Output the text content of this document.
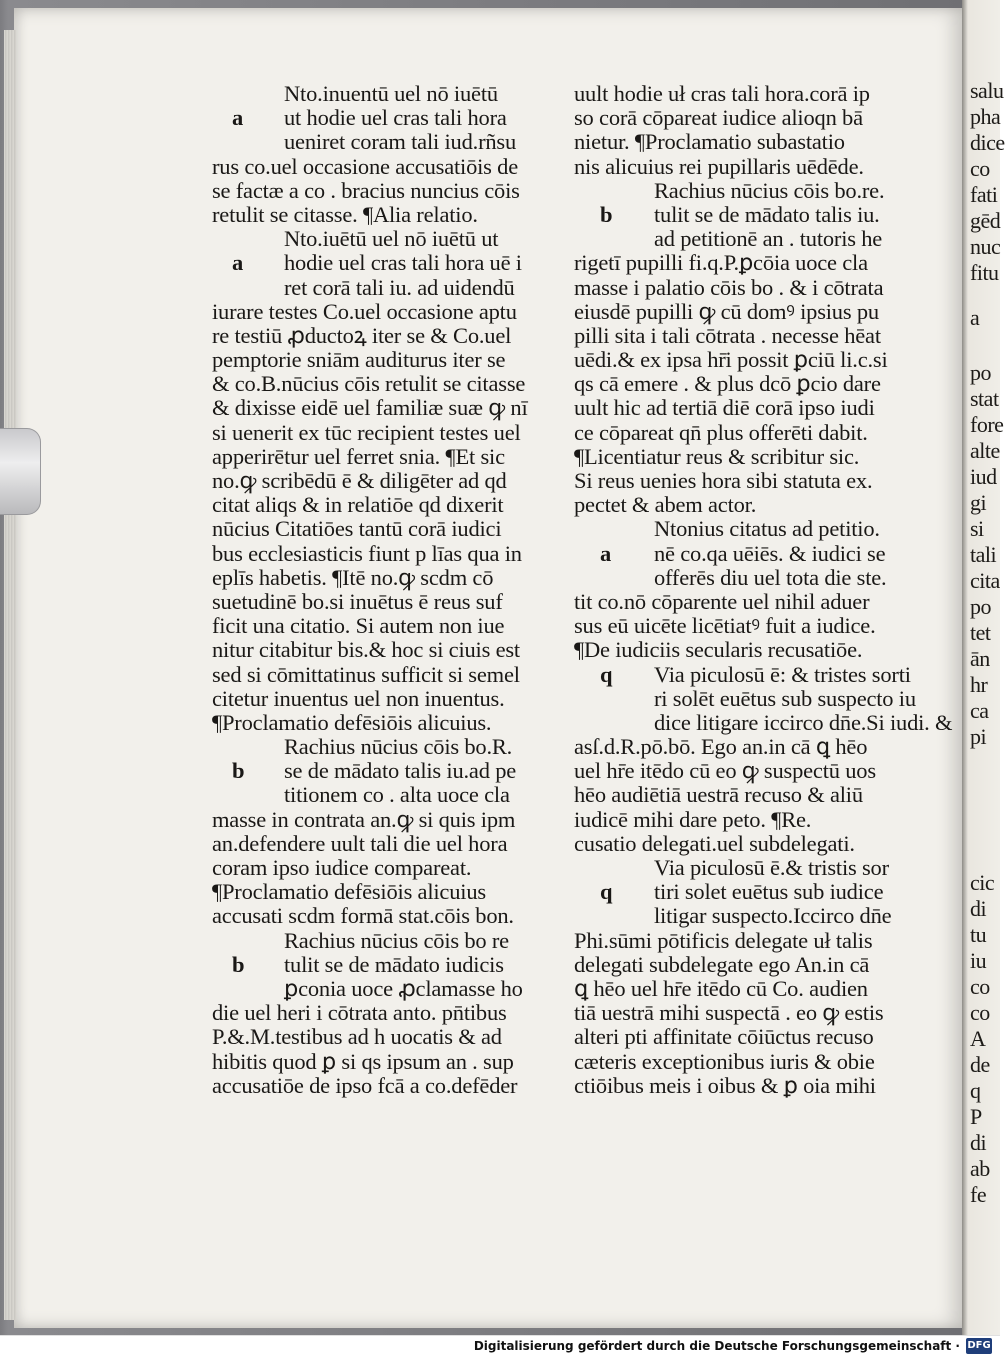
salu
pha
dice
co
fati
gēd
nuc
fitu
a
po
stat
fore
alte
iud
gi
si
tali
cita
po
tet
ān
hr
ca
pi
cic
di
tu
iu
co
co
A
de
q
P
di
ab
fe
Nto.inuentū uel nō iuētū
a ut hodie uel cras tali hora
ueniret coram tali iud.rñsu
rus co.uel occasione accusatiōis de
se factæ a co . bracius nuncius cōis
retulit se citasse. ¶Alia relatio.
Nto.iuētū uel nō iuētū ut
a hodie uel cras tali hora uē i
ret corā tali iu. ad uidendū
iurare testes Co.uel occasione aptu
re testiū ꝓductoꝝ iter se & Co.uel
pemptorie sniām auditurus iter se
& co.B.nūcius cōis retulit se citasse
& dixisse eidē uel familiæ suæ ꝙ nī
si uenerit ex tūc recipient testes uel
apperirētur uel ferret snia. ¶Et sic
no.ꝙ scribēdū ē & diligēter ad qd
citat aliqs & in relatiōe qd dixerit
nūcius Citatiōes tantū corā iudici
bus ecclesiasticis fiunt p līas qua in
eplīs habetis. ¶Itē no.ꝙ scdm cō
suetudinē bo.si inuētus ē reus suf
ficit una citatio. Si autem non iue
nitur citabitur bis.& hoc si ciuis est
sed si cōmittatinus sufficit si semel
citetur inuentus uel non inuentus.
¶Proclamatio defēsiōis alicuius.
Rachius nūcius cōis bo.R.
b se de mādato talis iu.ad pe
titionem co . alta uoce cla
masse in contrata an.ꝙ si quis ipm
an.defendere uult tali die uel hora
coram ipso iudice compareat.
¶Proclamatio defēsiōis alicuius
accusati scdm formā stat.cōis bon.
Rachius nūcius cōis bo re
b tulit se de mādato iudicis
ꝑconia uoce ꝓclamasse ho
die uel heri i cōtrata anto. pn̄tibus
P.&.M.testibus ad h uocatis & ad
hibitis quod ꝑ si qs ipsum an . sup
accusatiōe de ipso fcā a co.defēder
uult hodie uł cras tali hora.corā ip
so corā cōpareat iudice alioqn bā
nietur. ¶Proclamatio subastatio
nis alicuius rei pupillaris uēdēde.
Rachius nūcius cōis bo.re.
b tulit se de mādato talis iu.
ad petitionē an . tutoris he
rigetī pupilli fi.q.P.ꝑcōia uoce cla
masse i palatio cōis bo . & i cōtrata
eiusdē pupilli ꝙ cū domꝰ ipsius pu
pilli sita i tali cōtrata . necesse hēat
uēdi.& ex ipsa hr̄i possit ꝑciū li.c.si
qs cā emere . & plus dcō ꝑcio dare
uult hic ad tertiā diē corā ipso iudi
ce cōpareat qn̄ plus offerēti dabit.
¶Licentiatur reus & scribitur sic.
Si reus uenies hora sibi statuta ex.
pectet & abem actor.
Ntonius citatus ad petitio.
a nē co.qa uēiēs. & iudici se
offerēs diu uel tota die ste.
tit co.nō cōparente uel nihil aduer
sus eū uicēte licētiatꝰ fuit a iudice.
¶De iudiciis secularis recusatiōe.
q Via piculosū ē: & tristes sorti
ri solēt euētus sub suspecto iu
dice litigare iccirco dn̄e.Si iudi. &
asſ.d.R.pō.bō. Ego an.in cā ꝗ hēo
uel hr̄e itēdo cū eo ꝙ suspectū uos
hēo audiētiā uestrā recuso & aliū
iudicē mihi dare peto. ¶Re.
cusatio delegati.uel subdelegati.
Via piculosū ē.& tristis sor
q tiri solet euētus sub iudice
litigar suspecto.Iccirco dn̄e
Phi.sūmi pōtificis delegate uł talis
delegati subdelegate ego An.in cā
ꝗ hēo uel hr̄e itēdo cū Co. audien
tiā uestrā mihi suspectā . eo ꝙ estis
alteri pti affinitate cōiūctus recuso
cæteris exceptionibus iuris & obie
ctiōibus meis i oibus & ꝑ oia mihi
Digitalisierung gefördert durch die Deutsche Forschungsgemeinschaft · DFG
